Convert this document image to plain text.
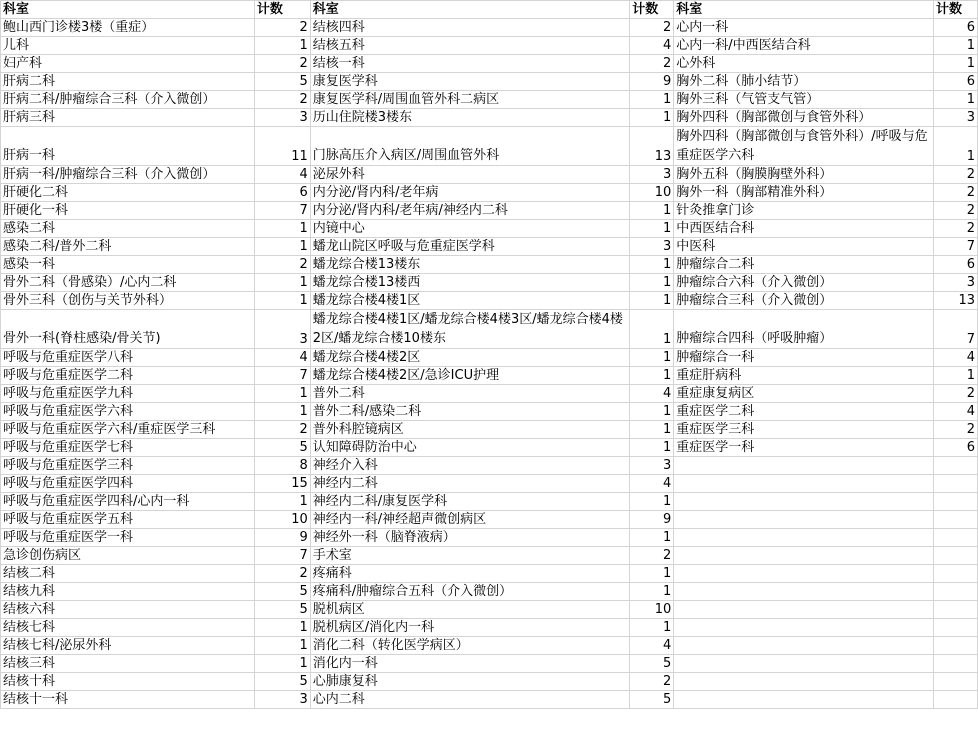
科室	计数	科室	计数	科室	计数
鲍山西门诊楼3楼（重症）	2	结核四科	2	心内一科	6
儿科	1	结核五科	4	心内一科/中西医结合科	1
妇产科	2	结核一科	2	心外科	1
肝病二科	5	康复医学科	9	胸外二科（肺小结节）	6
肝病二科/肿瘤综合三科（介入微创）	2	康复医学科/周围血管外科二病区	1	胸外三科（气管支气管）	1
肝病三科	3	历山住院楼3楼东	1	胸外四科（胸部微创与食管外科）	3
肝病一科	11	门脉高压介入病区/周围血管外科	13	胸外四科（胸部微创与食管外科）/呼吸与危重症医学六科	1
肝病一科/肿瘤综合三科（介入微创）	4	泌尿外科	3	胸外五科（胸膜胸壁外科）	2
肝硬化二科	6	内分泌/肾内科/老年病	10	胸外一科（胸部精准外科）	2
肝硬化一科	7	内分泌/肾内科/老年病/神经内二科	1	针灸推拿门诊	2
感染二科	1	内镜中心	1	中西医结合科	2
感染二科/普外二科	1	蟠龙山院区呼吸与危重症医学科	3	中医科	7
感染一科	2	蟠龙综合楼13楼东	1	肿瘤综合二科	6
骨外二科（骨感染）/心内二科	1	蟠龙综合楼13楼西	1	肿瘤综合六科（介入微创）	3
骨外三科（创伤与关节外科）	1	蟠龙综合楼4楼1区	1	肿瘤综合三科（介入微创）	13
骨外一科(脊柱感染/骨关节)	3	蟠龙综合楼4楼1区/蟠龙综合楼4楼3区/蟠龙综合楼4楼2区/蟠龙综合楼10楼东	1	肿瘤综合四科（呼吸肿瘤）	7
呼吸与危重症医学八科	4	蟠龙综合楼4楼2区	1	肿瘤综合一科	4
呼吸与危重症医学二科	7	蟠龙综合楼4楼2区/急诊ICU护理	1	重症肝病科	1
呼吸与危重症医学九科	1	普外二科	4	重症康复病区	2
呼吸与危重症医学六科	1	普外二科/感染二科	1	重症医学二科	4
呼吸与危重症医学六科/重症医学三科	2	普外科腔镜病区	1	重症医学三科	2
呼吸与危重症医学七科	5	认知障碍防治中心	1	重症医学一科	6
呼吸与危重症医学三科	8	神经介入科	3		
呼吸与危重症医学四科	15	神经内二科	4		
呼吸与危重症医学四科/心内一科	1	神经内二科/康复医学科	1		
呼吸与危重症医学五科	10	神经内一科/神经超声微创病区	9		
呼吸与危重症医学一科	9	神经外一科（脑脊液病）	1		
急诊创伤病区	7	手术室	2		
结核二科	2	疼痛科	1		
结核九科	5	疼痛科/肿瘤综合五科（介入微创）	1		
结核六科	5	脱机病区	10		
结核七科	1	脱机病区/消化内一科	1		
结核七科/泌尿外科	1	消化二科（转化医学病区）	4		
结核三科	1	消化内一科	5		
结核十科	5	心肺康复科	2		
结核十一科	3	心内二科	5		
